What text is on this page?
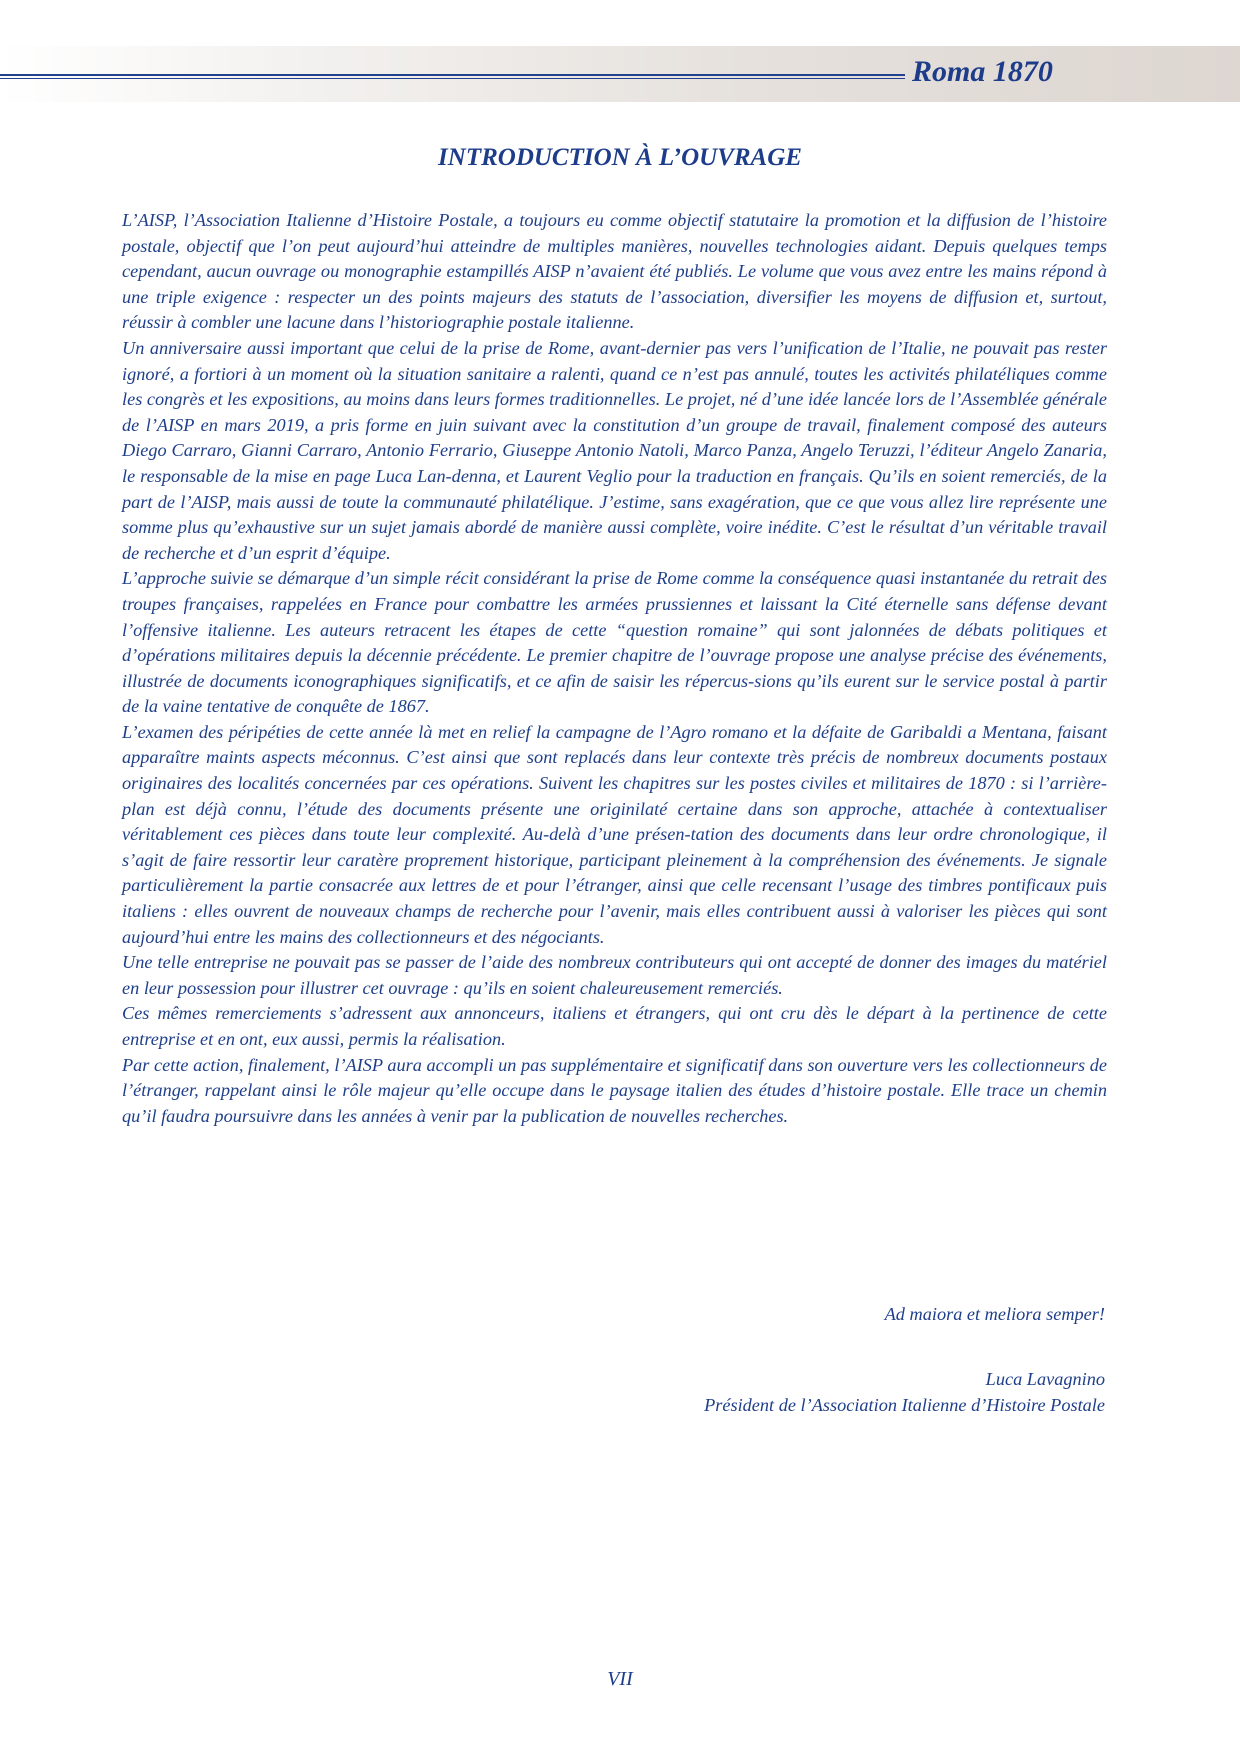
Roma 1870
INTRODUCTION À L’OUVRAGE

L’AISP, l’Association Italienne d’Histoire Postale, a toujours eu comme objectif statutaire la promotion et la diffusion de l’histoire postale, objectif que l’on peut aujourd’hui atteindre de multiples manières, nouvelles technologies aidant. Depuis quelques temps cependant, aucun ouvrage ou monographie estampillés AISP n’avaient été publiés. Le volume que vous avez entre les mains répond à une triple exigence : respecter un des points majeurs des statuts de l’association, diversifier les moyens de diffusion et, surtout, réussir à combler une lacune dans l’historiographie postale italienne.

Un anniversaire aussi important que celui de la prise de Rome, avant-dernier pas vers l’unification de l’Italie, ne pouvait pas rester ignoré, a fortiori à un moment où la situation sanitaire a ralenti, quand ce n’est pas annulé, toutes les activités philatéliques comme les congrès et les expositions, au moins dans leurs formes traditionnelles. Le projet, né d’une idée lancée lors de l’Assemblée générale de l’AISP en mars 2019, a pris forme en juin suivant avec la constitution d’un groupe de travail, finalement composé des auteurs Diego Carraro, Gianni Carraro, Antonio Ferrario, Giuseppe Antonio Natoli, Marco Panza, Angelo Teruzzi, l’éditeur Angelo Zanaria, le responsable de la mise en page Luca Lan-denna, et Laurent Veglio pour la traduction en français. Qu’ils en soient remerciés, de la part de l’AISP, mais aussi de toute la communauté philatélique. J’estime, sans exagération, que ce que vous allez lire représente une somme plus qu’exhaustive sur un sujet jamais abordé de manière aussi complète, voire inédite. C’est le résultat d’un véritable travail de recherche et d’un esprit d’équipe.

L’approche suivie se démarque d’un simple récit considérant la prise de Rome comme la conséquence quasi instantanée du retrait des troupes françaises, rappelées en France pour combattre les armées prussiennes et laissant la Cité éternelle sans défense devant l’offensive italienne. Les auteurs retracent les étapes de cette “question romaine” qui sont jalonnées de débats politiques et d’opérations militaires depuis la décennie précédente. Le premier chapitre de l’ouvrage propose une analyse précise des événements, illustrée de documents iconographiques significatifs, et ce afin de saisir les répercus-sions qu’ils eurent sur le service postal à partir de la vaine tentative de conquête de 1867.

L’examen des péripéties de cette année là met en relief la campagne de l’Agro romano et la défaite de Garibaldi a Mentana, faisant apparaître maints aspects méconnus. C’est ainsi que sont replacés dans leur contexte très précis de nombreux documents postaux originaires des localités concernées par ces opérations. Suivent les chapitres sur les postes civiles et militaires de 1870 : si l’arrière-plan est déjà connu, l’étude des documents présente une originilaté certaine dans son approche, attachée à contextualiser véritablement ces pièces dans toute leur complexité. Au-delà d’une présen-tation des documents dans leur ordre chronologique, il s’agit de faire ressortir leur caratère proprement historique, participant pleinement à la compréhension des événements. Je signale particulièrement la partie consacrée aux lettres de et pour l’étranger, ainsi que celle recensant l’usage des timbres pontificaux puis italiens : elles ouvrent de nouveaux champs de recherche pour l’avenir, mais elles contribuent aussi à valoriser les pièces qui sont aujourd’hui entre les mains des collectionneurs et des négociants.

Une telle entreprise ne pouvait pas se passer de l’aide des nombreux contributeurs qui ont accepté de donner des images du matériel en leur possession pour illustrer cet ouvrage : qu’ils en soient chaleureusement remerciés.

Ces mêmes remerciements s’adressent aux annonceurs, italiens et étrangers, qui ont cru dès le départ à la pertinence de cette entreprise et en ont, eux aussi, permis la réalisation.

Par cette action, finalement, l’AISP aura accompli un pas supplémentaire et significatif dans son ouverture vers les collectionneurs de l’étranger, rappelant ainsi le rôle majeur qu’elle occupe dans le paysage italien des études d’histoire postale. Elle trace un chemin qu’il faudra poursuivre dans les années à venir par la publication de nouvelles recherches.

Ad maiora et meliora semper!
Luca Lavagnino
Président de l’Association Italienne d’Histoire Postale
VII
